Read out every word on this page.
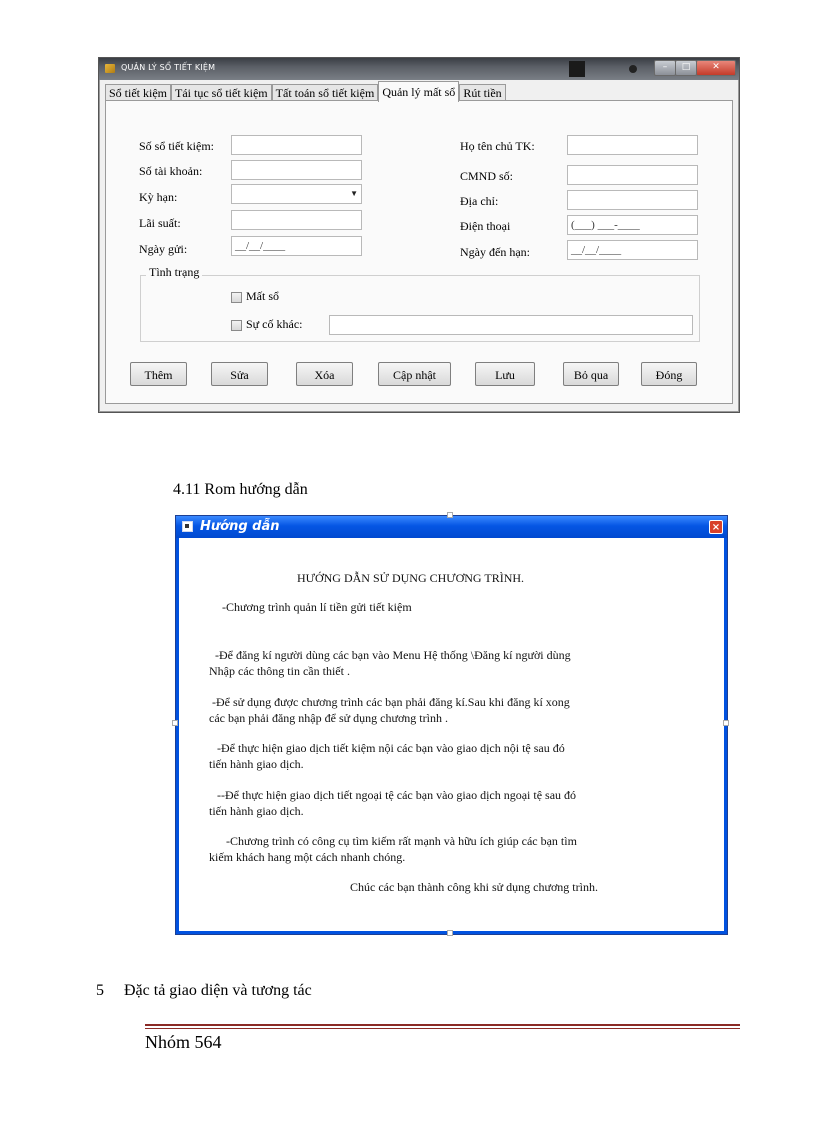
QUẢN LÝ SỔ TIẾT KIỆM	–	□	✕
Sổ tiết kiệm Tái tục sổ tiết kiệm Tất toán sổ tiết kiệm Quản lý mất sổ Rút tiền
Số sổ tiết kiệm:
Số tài khoản:
Kỳ hạn:	▼
Lãi suất:
Ngày gửi:	__/__/____
Họ tên chủ TK:
CMND số:
Địa chỉ:
Điện thoại	(___) ___-____
Ngày đến hạn:	__/__/____
Tình trạng
Mất sổ
Sự cố khác:
Thêm	Sửa	Xóa	Cập nhật	Lưu	Bỏ qua	Đóng
4.11 Rom hướng dẫn
Hướng dẫn	×
HƯỚNG DẪN SỬ DỤNG CHƯƠNG TRÌNH.
-Chương trình quản lí tiền gửi tiết kiệm
-Để đăng kí người dùng các bạn vào Menu Hệ thống \Đăng kí người dùng
Nhập các thông tin cần thiết .
-Để sử dụng được chương trình các bạn phải đăng kí.Sau khi đăng kí xong
các bạn phải đăng nhập để sử dụng chương trình .
-Để thực hiện giao dịch tiết kiệm nội các bạn vào giao dịch nội tệ sau đó
tiến hành giao dịch.
--Để thực hiện giao dịch tiết ngoại tệ các bạn vào giao dịch ngoại tệ sau đó
tiến hành giao dịch.
-Chương trình có công cụ tìm kiếm rất mạnh và hữu ích giúp các bạn tìm
kiếm khách hang một cách nhanh chóng.
Chúc các bạn thành công khi sử dụng chương trình.
5 Đặc tả giao diện và tương tác
Nhóm 564
